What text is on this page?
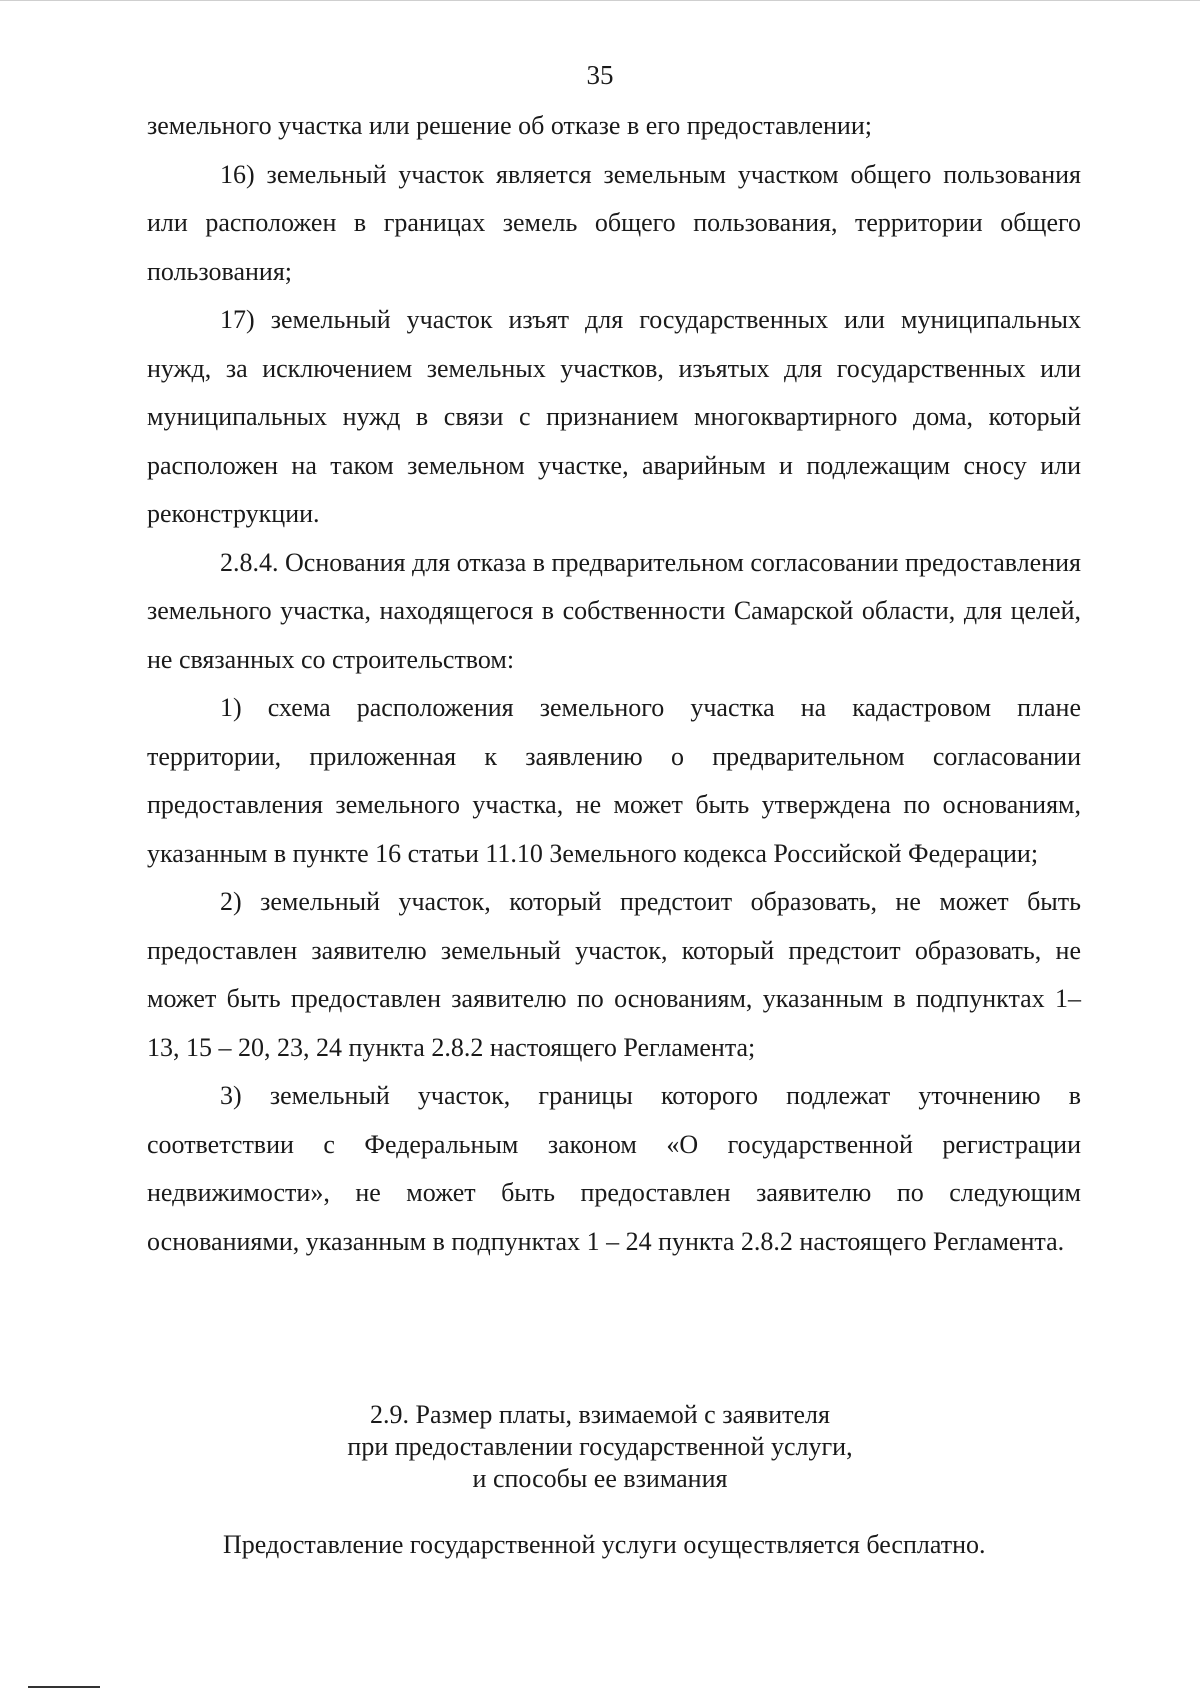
35

земельного участка или решение об отказе в его предоставлении;

16) земельный участок является земельным участком общего пользования или расположен в границах земель общего пользования, территории общего пользования;

17) земельный участок изъят для государственных или муниципальных нужд, за исключением земельных участков, изъятых для государственных или муниципальных нужд в связи с признанием многоквартирного дома, который расположен на таком земельном участке, аварийным и подлежащим сносу или реконструкции.

2.8.4. Основания для отказа в предварительном согласовании предоставления земельного участка, находящегося в собственности Самарской области, для целей, не связанных со строительством:

1) схема расположения земельного участка на кадастровом плане территории, приложенная к заявлению о предварительном согласовании предоставления земельного участка, не может быть утверждена по основаниям, указанным в пункте 16 статьи 11.10 Земельного кодекса Российской Федерации;

2) земельный участок, который предстоит образовать, не может быть предоставлен заявителю земельный участок, который предстоит образовать, не может быть предоставлен заявителю по основаниям, указанным в подпунктах 1– 13, 15 – 20, 23, 24 пункта 2.8.2 настоящего Регламента;

3) земельный участок, границы которого подлежат уточнению в соответствии с Федеральным законом «О государственной регистрации недвижимости», не может быть предоставлен заявителю по следующим основаниями, указанным в подпунктах 1 – 24 пункта 2.8.2 настоящего Регламента.

2.9. Размер платы, взимаемой с заявителя
при предоставлении государственной услуги,
и способы ее взимания
Предоставление государственной услуги осуществляется бесплатно.
